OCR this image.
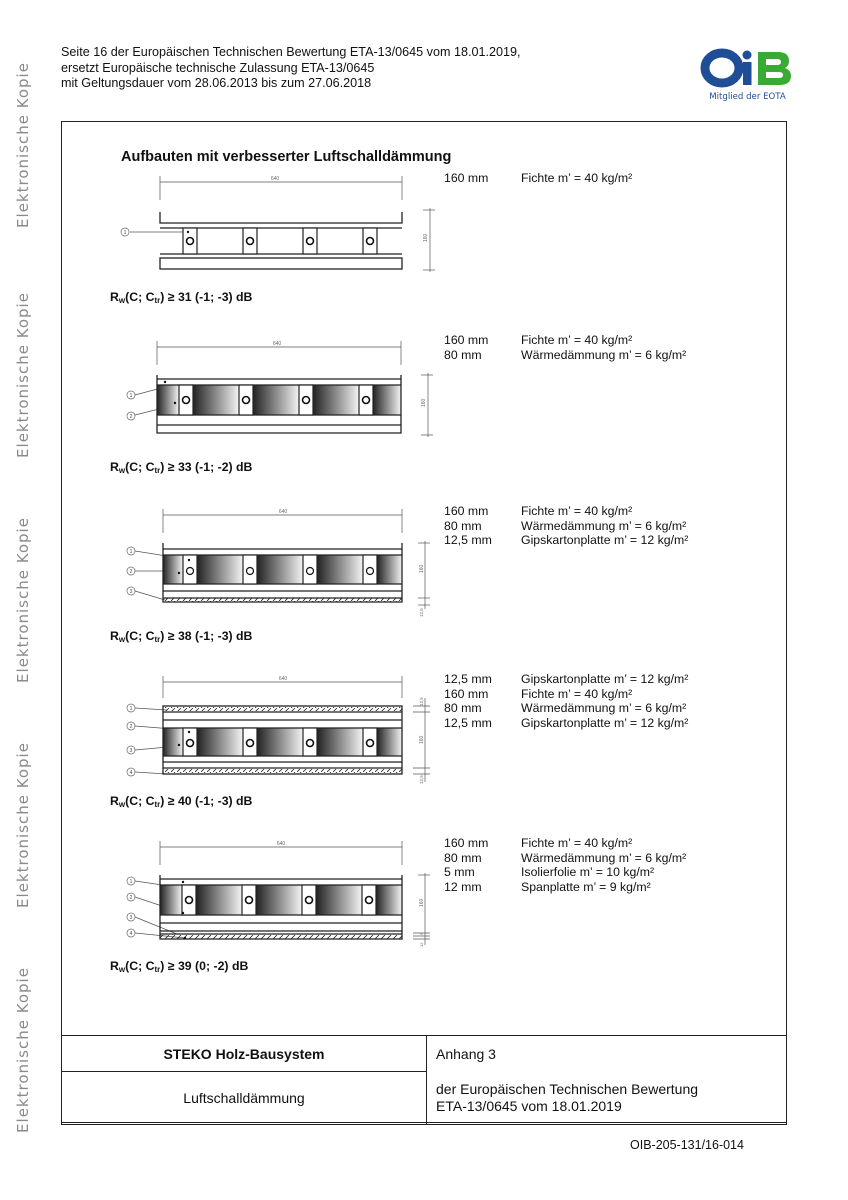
Elektronische Kopie
Elektronische Kopie
Elektronische Kopie
Elektronische Kopie
Elektronische Kopie
Seite 16 der Europäischen Technischen Bewertung ETA-13/0645 vom 18.01.2019,
ersetzt Europäische technische Zulassung ETA-13/0645
mit Geltungsdauer vom 28.06.2013 bis zum 27.06.2018
Mitglied der EOTA
Aufbauten mit verbesserter Luftschalldämmung
640
160
1
$R_w(C$; $C_{tr}) \ge 31$ (-1; -3) dB
160 mm	Fichte m’ = 40 kg/m²
640
160
1
2
$R_w(C$; $C_{tr}) \ge 33$ (-1; -2) dB
160 mm	Fichte m’ = 40 kg/m²
80 mm	Wärmedämmung m’ = 6 kg/m²
640
160
12,5
1
2
3
$R_w(C$; $C_{tr}) \ge 38$ (-1; -3) dB
160 mm	Fichte m’ = 40 kg/m²
80 mm	Wärmedämmung m’ = 6 kg/m²
12,5 mm	Gipskartonplatte m’ = 12 kg/m²
640
12,5
160
12,5
1
2
3
4
$R_w(C$; $C_{tr}) \ge 40$ (-1; -3) dB
12,5 mm	Gipskartonplatte m’ = 12 kg/m²
160 mm	Fichte m’ = 40 kg/m²
80 mm	Wärmedämmung m’ = 6 kg/m²
12,5 mm	Gipskartonplatte m’ = 12 kg/m²
640
160
5
12
1
2
3
4
$R_w(C$; $C_{tr}) \ge 39$ (0; -2) dB
160 mm	Fichte m’ = 40 kg/m²
80 mm	Wärmedämmung m’ = 6 kg/m²
5 mm	Isolierfolie m’ = 10 kg/m²
12 mm	Spanplatte m’ = 9 kg/m²
STEKO Holz-Bausystem	Anhang 3
Luftschalldämmung	der Europäischen Technischen Bewertung
ETA-13/0645 vom 18.01.2019
OIB-205-131/16-014
